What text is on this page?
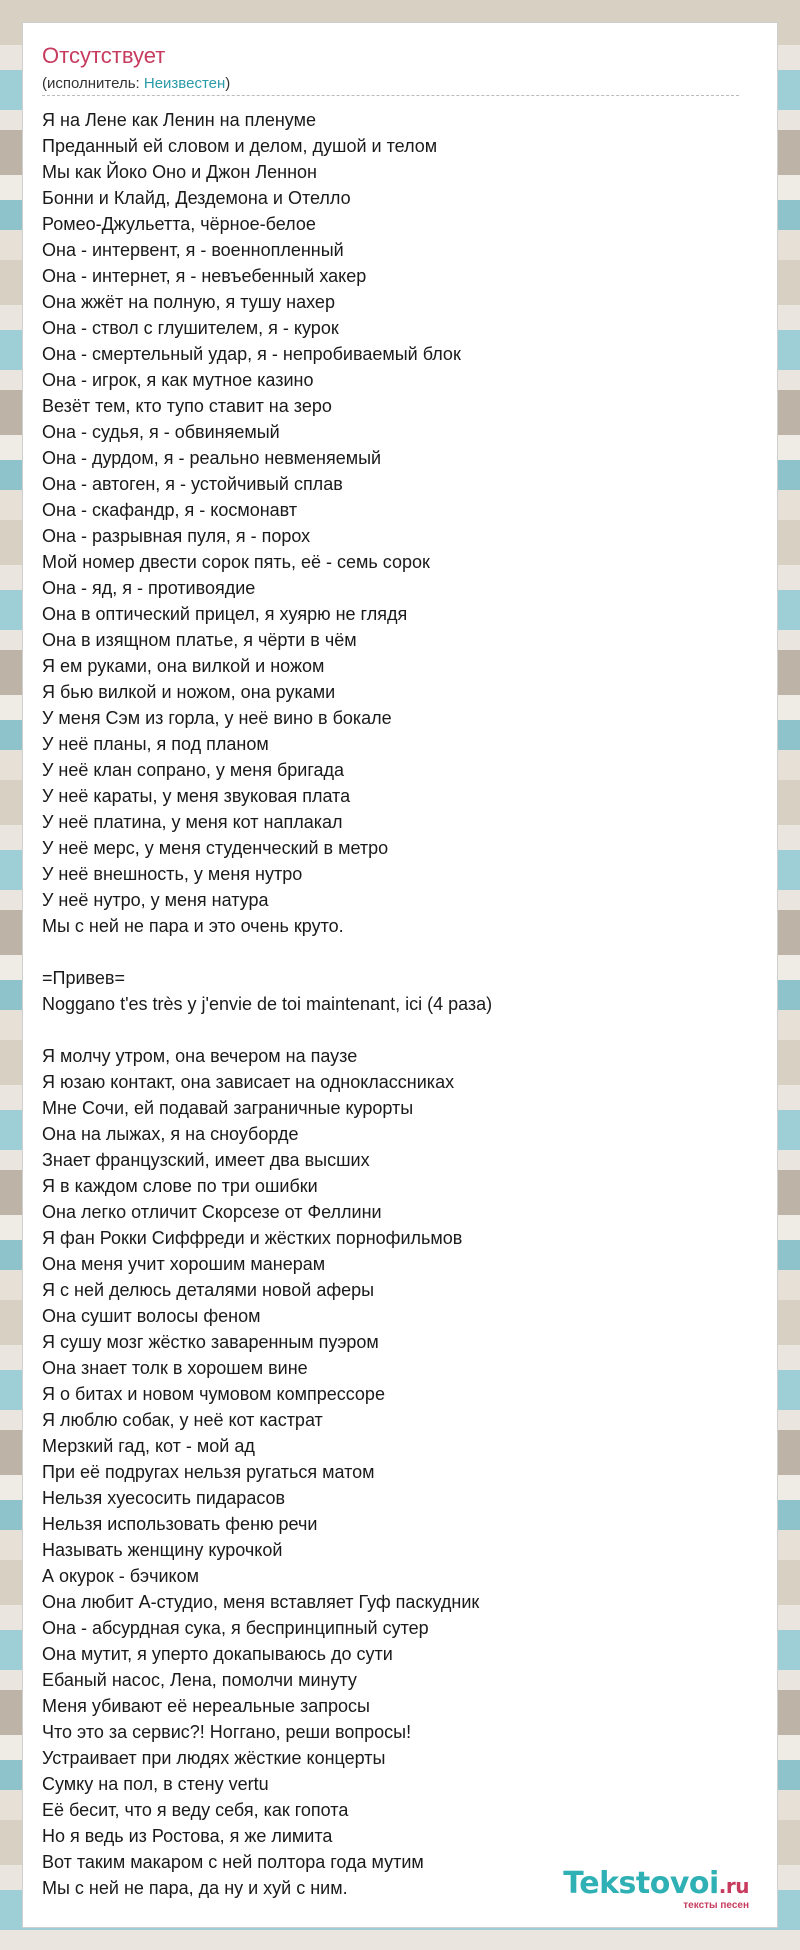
Отсутствует
(исполнитель: Неизвестен)
Я на Лене как Ленин на пленуме
Преданный ей словом и делом, душой и телом
Мы как Йоко Оно и Джон Леннон
Бонни и Клайд, Дездемона и Отелло
Ромео-Джульетта, чёрное-белое
Она - интервент, я - военнопленный
Она - интернет, я - невъебенный хакер
Она жжёт на полную, я тушу нахер
Она - ствол с глушителем, я - курок
Она - смертельный удар, я - непробиваемый блок
Она - игрок, я как мутное казино
Везёт тем, кто тупо ставит на зеро
Она - судья, я - обвиняемый
Она - дурдом, я - реально невменяемый
Она - автоген, я - устойчивый сплав
Она - скафандр, я - космонавт
Она - разрывная пуля, я - порох
Мой номер двести сорок пять, её - семь сорок
Она - яд, я - противоядие
Она в оптический прицел, я хуярю не глядя
Она в изящном платье, я чёрти в чём
Я ем руками, она вилкой и ножом
Я бью вилкой и ножом, она руками
У меня Сэм из горла, у неё вино в бокале
У неё планы, я под планом
У неё клан сопрано, у меня бригада
У неё караты, у меня звуковая плата
У неё платина, у меня кот наплакал
У неё мерс, у меня студенческий в метро
У неё внешность, у меня нутро
У неё нутро, у меня натура
Мы с ней не пара и это очень круто.

=Привев=
Noggano t'es très y j'envie de toi maintenant, ici (4 раза)

Я молчу утром, она вечером на паузе
Я юзаю контакт, она зависает на одноклассниках
Мне Сочи, ей подавай заграничные курорты
Она на лыжах, я на сноуборде
Знает французский, имеет два высших
Я в каждом слове по три ошибки
Она легко отличит Скорсезе от Феллини
Я фан Рокки Сиффреди и жёстких порнофильмов
Она меня учит хорошим манерам
Я с ней делюсь деталями новой аферы
Она сушит волосы феном
Я сушу мозг жёстко заваренным пуэром
Она знает толк в хорошем вине
Я о битах и новом чумовом компрессоре
Я люблю собак, у неё кот кастрат
Мерзкий гад, кот - мой ад
При её подругах нельзя ругаться матом
Нельзя хуесосить пидарасов
Нельзя использовать феню речи
Называть женщину курочкой
А окурок - бэчиком
Она любит А-студио, меня вставляет Гуф паскудник
Она - абсурдная сука, я беспринципный сутер
Она мутит, я уперто докапываюсь до сути
Ебаный насос, Лена, помолчи минуту
Меня убивают её нереальные запросы
Что это за сервис?! Ноггано, реши вопросы!
Устраивает при людях жёсткие концерты
Сумку на пол, в стену vertu
Её бесит, что я веду себя, как гопота
Но я ведь из Ростова, я же лимита
Вот таким макаром с ней полтора года мутим
Мы с ней не пара, да ну и хуй с ним.	Tekstovoi.ru
тексты песен
